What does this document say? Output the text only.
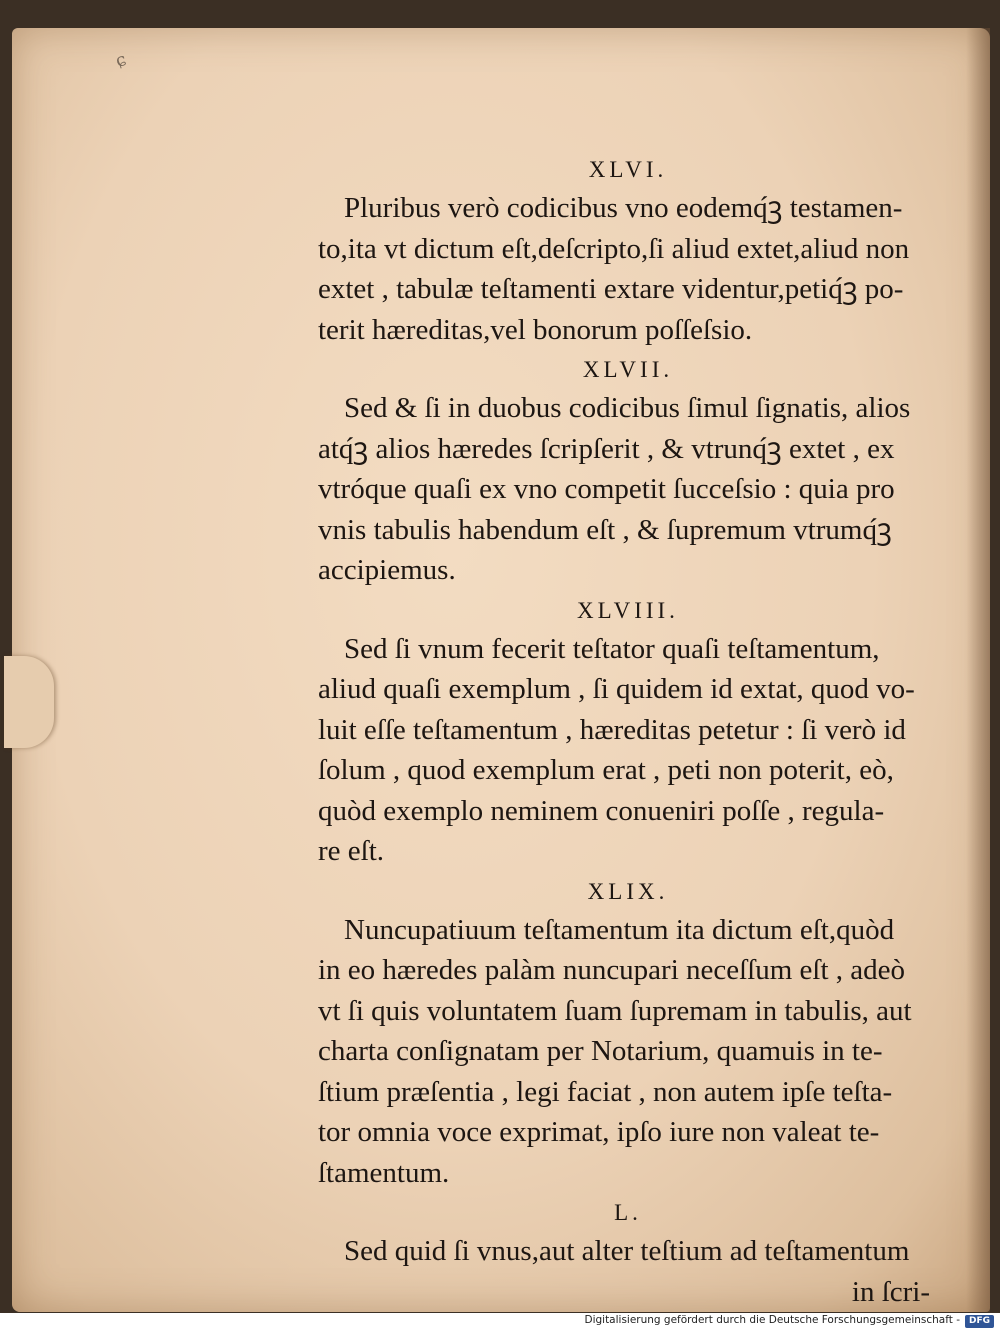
ɕ
XLVI.

Pluribus verò codicibus vno eodemq́ꝫ testamen-

to,ita vt dictum eſt,deſcripto,ſi aliud extet,aliud non

extet , tabulæ teſtamenti extare videntur,petiq́ꝫ po-

terit hæreditas,vel bonorum poſſeſsio.

XLVII.

Sed & ſi in duobus codicibus ſimul ſignatis, alios

atq́ꝫ alios hæredes ſcripſerit , & vtrunq́ꝫ extet , ex

vtróque quaſi ex vno competit ſucceſsio : quia pro

vnis tabulis habendum eſt , & ſupremum vtrumq́ꝫ

accipiemus.

XLVIII.

Sed ſi vnum fecerit teſtator quaſi teſtamentum,

aliud quaſi exemplum , ſi quidem id extat, quod vo-

luit eſſe teſtamentum , hæreditas petetur : ſi verò id

ſolum , quod exemplum erat , peti non poterit, eò,

quòd exemplo neminem conueniri poſſe , regula-

re eſt.

XLIX.

Nuncupatiuum teſtamentum ita dictum eſt,quòd

in eo hæredes palàm nuncupari neceſſum eſt , adeò

vt ſi quis voluntatem ſuam ſupremam in tabulis, aut

charta conſignatam per Notarium, quamuis in te-

ſtium præſentia , legi faciat , non autem ipſe teſta-

tor omnia voce exprimat, ipſo iure non valeat te-

ſtamentum.

L.

Sed quid ſi vnus,aut alter teſtium ad teſtamentum

in ſcri-

Digitalisierung gefördert durch die Deutsche Forschungsgemeinschaft - DFG
